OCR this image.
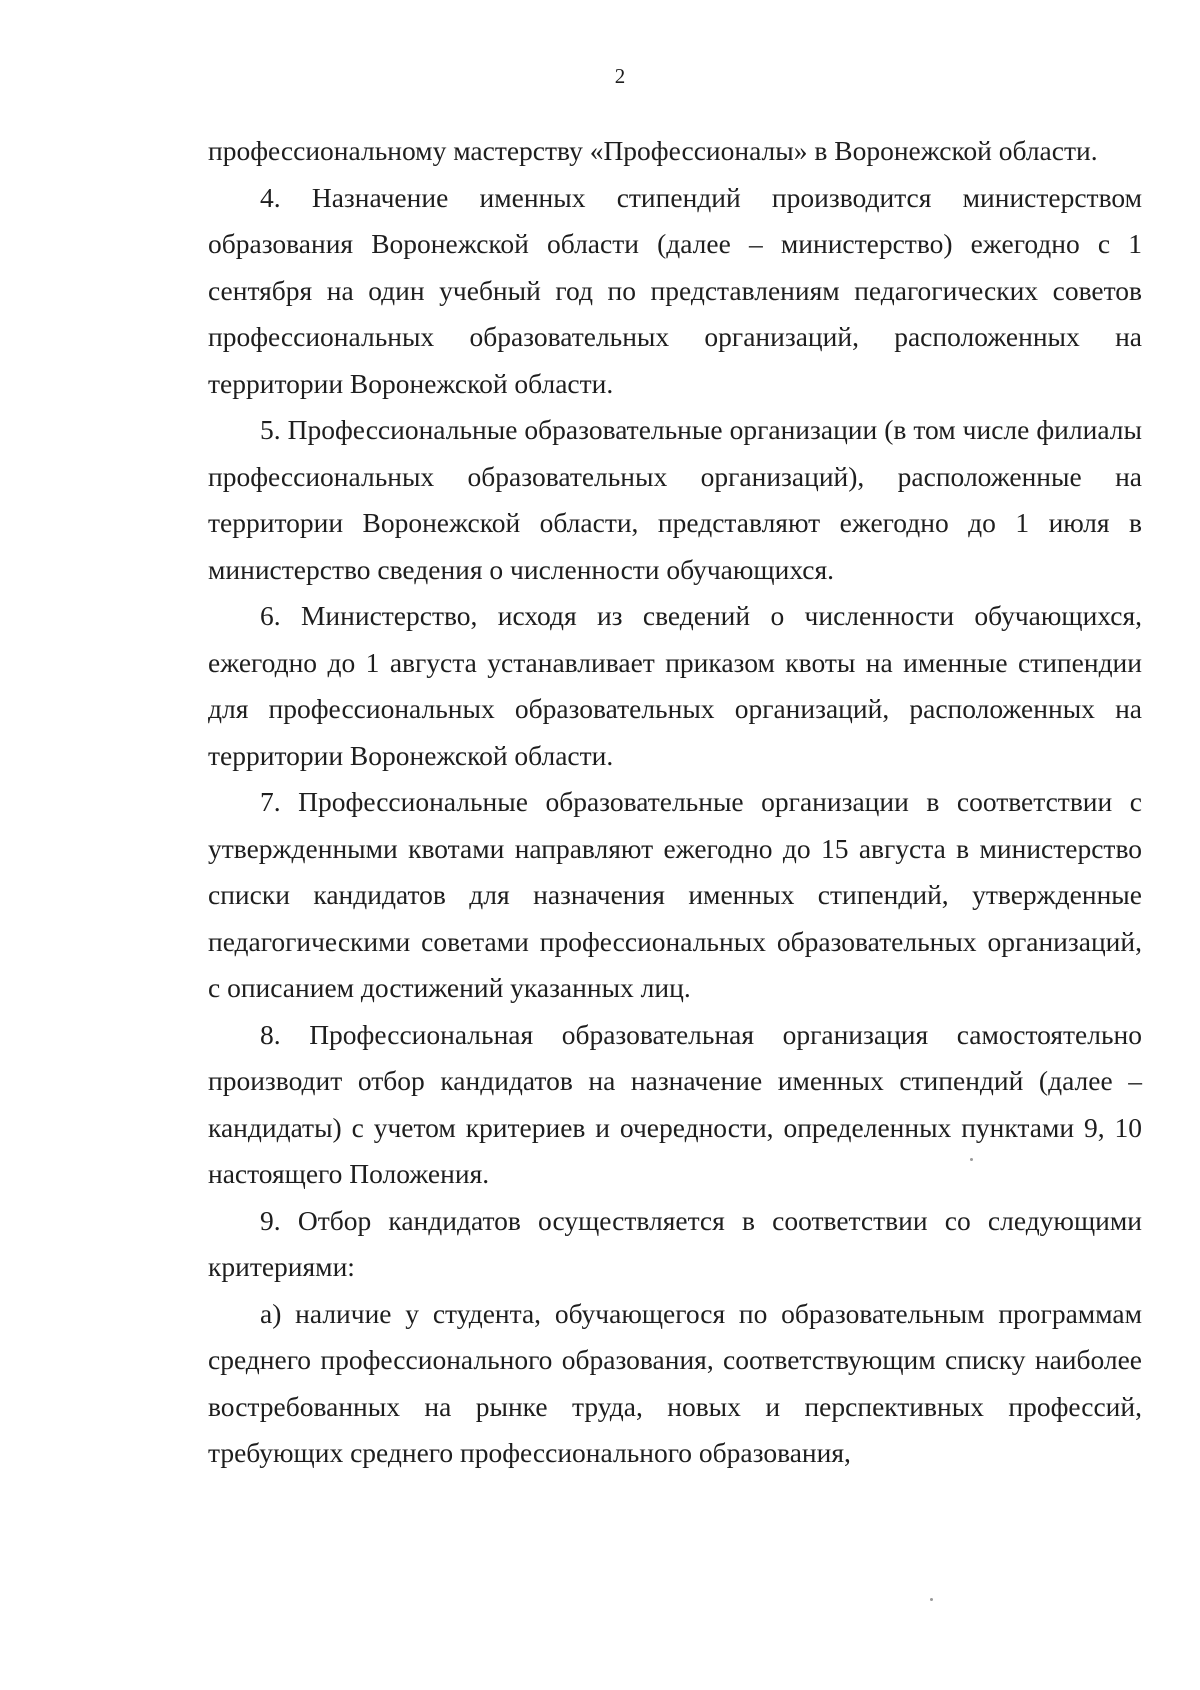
2

профессиональному мастерству «Профессионалы» в Воронежской области.

4. Назначение именных стипендий производится министерством образования Воронежской области (далее – министерство) ежегодно с 1 сентября на один учебный год по представлениям педагогических советов профессиональных образовательных организаций, расположенных на территории Воронежской области.

5. Профессиональные образовательные организации (в том числе филиалы профессиональных образовательных организаций), расположенные на территории Воронежской области, представляют ежегодно до 1 июля в министерство сведения о численности обучающихся.

6. Министерство, исходя из сведений о численности обучающихся, ежегодно до 1 августа устанавливает приказом квоты на именные стипендии для профессиональных образовательных организаций, расположенных на территории Воронежской области.

7. Профессиональные образовательные организации в соответствии с утвержденными квотами направляют ежегодно до 15 августа в министерство списки кандидатов для назначения именных стипендий, утвержденные педагогическими советами профессиональных образовательных организаций, с описанием достижений указанных лиц.

8. Профессиональная образовательная организация самостоятельно производит отбор кандидатов на назначение именных стипендий (далее – кандидаты) с учетом критериев и очередности, определенных пунктами 9, 10 настоящего Положения.

9. Отбор кандидатов осуществляется в соответствии со следующими критериями:

а) наличие у студента, обучающегося по образовательным программам среднего профессионального образования, соответствующим списку наиболее востребованных на рынке труда, новых и перспективных профессий, требующих среднего профессионального образования,
